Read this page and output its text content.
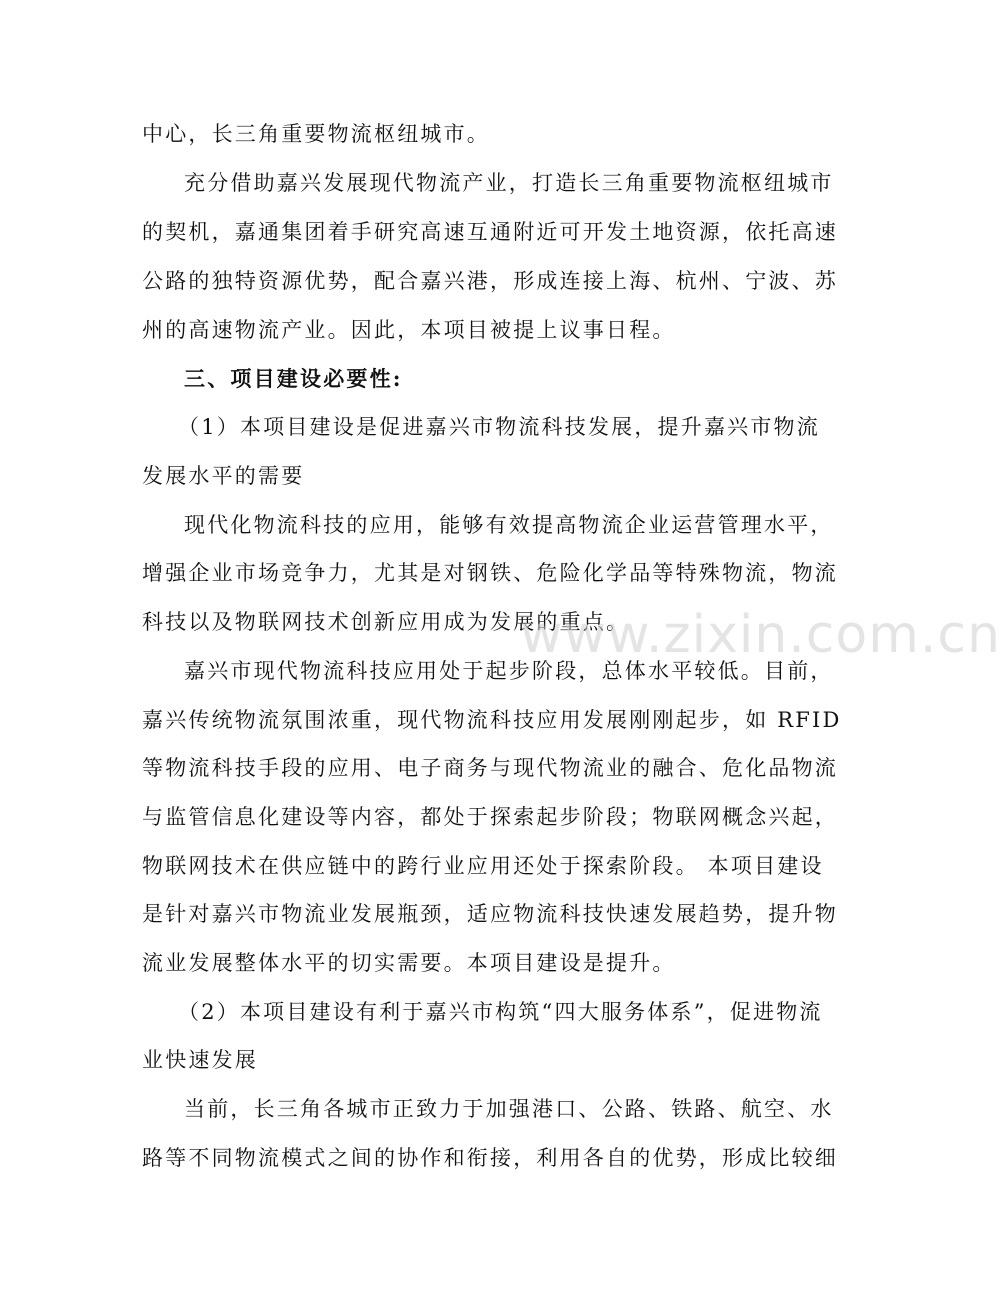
中心，长三角重要物流枢纽城市。
充分借助嘉兴发展现代物流产业，打造长三角重要物流枢纽城市
的契机，嘉通集团着手研究高速互通附近可开发土地资源，依托高速
公路的独特资源优势，配合嘉兴港，形成连接上海、杭州、宁波、苏
州的高速物流产业。因此，本项目被提上议事日程。
三、项目建设必要性:
（1）本项目建设是促进嘉兴市物流科技发展，提升嘉兴市物流
发展水平的需要
现代化物流科技的应用，能够有效提高物流企业运营管理水平，
增强企业市场竞争力，尤其是对钢铁、危险化学品等特殊物流，物流
科技以及物联网技术创新应用成为发展的重点。
嘉兴市现代物流科技应用处于起步阶段，总体水平较低。目前，
嘉兴传统物流氛围浓重，现代物流科技应用发展刚刚起步，如 RFID
等物流科技手段的应用、电子商务与现代物流业的融合、危化品物流
与监管信息化建设等内容，都处于探索起步阶段；物联网概念兴起，
物联网技术在供应链中的跨行业应用还处于探索阶段。 本项目建设
是针对嘉兴市物流业发展瓶颈，适应物流科技快速发展趋势，提升物
流业发展整体水平的切实需要。本项目建设是提升。
（2）本项目建设有利于嘉兴市构筑“四大服务体系”，促进物流
业快速发展
当前，长三角各城市正致力于加强港口、公路、铁路、航空、水
路等不同物流模式之间的协作和衔接，利用各自的优势，形成比较细
www.zixin.com.cn
